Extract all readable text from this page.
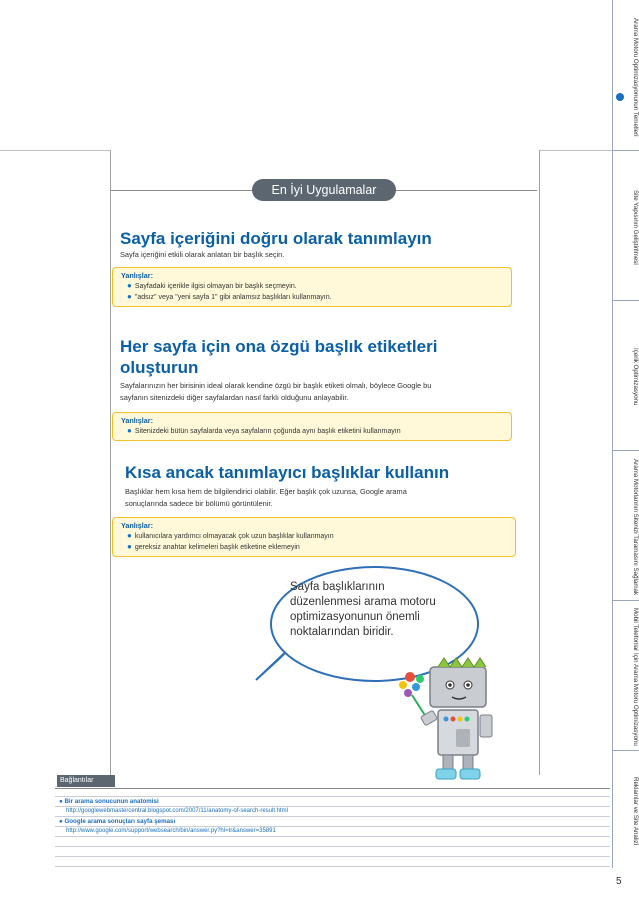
Arama Motoru Optimizasyonunun Temelleri
Site Yapısının Geliştirilmesi
İçerik Optimizasyonu
Arama Motorlarının Sitenizi Taramasını Sağlamak
Mobil Telefonlar İçin Arama Motoru Optimizasyonu
Reklamlar ve Site Analizi
En İyi Uygulamalar
Sayfa içeriğini doğru olarak tanımlayın
Sayfa içeriğini etkili olarak anlatan bir başlık seçin.
Yanlışlar:
● Sayfadaki içerikle ilgisi olmayan bir başlık seçmeyin.
● "adsız" veya "yeni sayfa 1" gibi anlamsız başlıkları kullanmayın.
Her sayfa için ona özgü başlık etiketleri
oluşturun
Sayfalarınızın her birisinin ideal olarak kendine özgü bir başlık etiketi olmalı, böylece Google bu
sayfanın sitenizdeki diğer sayfalardan nasıl farklı olduğunu anlayabilir.
Yanlışlar:
● Sitenizdeki bütün sayfalarda veya sayfaların çoğunda aynı başlık etiketini kullanmayın
Kısa ancak tanımlayıcı başlıklar kullanın
Başlıklar hem kısa hem de bilgilendirici olabilir. Eğer başlık çok uzunsa, Google arama
sonuçlarında sadece bir bölümü görüntülenir.
Yanlışlar:
● kullanıcılara yardımcı olmayacak çok uzun başlıklar kullanmayın
● gereksiz anahtar kelimeleri başlık etiketine eklemeyin
Sayfa başlıklarının
düzenlenmesi arama motoru
optimizasyonunun önemli
noktalarından biridir.
Bağlantılar
● Bir arama sonucunun anatomisi
http://googlewebmastercentral.blogspot.com/2007/11/anatomy-of-search-result.html
● Google arama sonuçları sayfa şeması
http://www.google.com/support/websearch/bin/answer.py?hl=tr&answer=35891
5
